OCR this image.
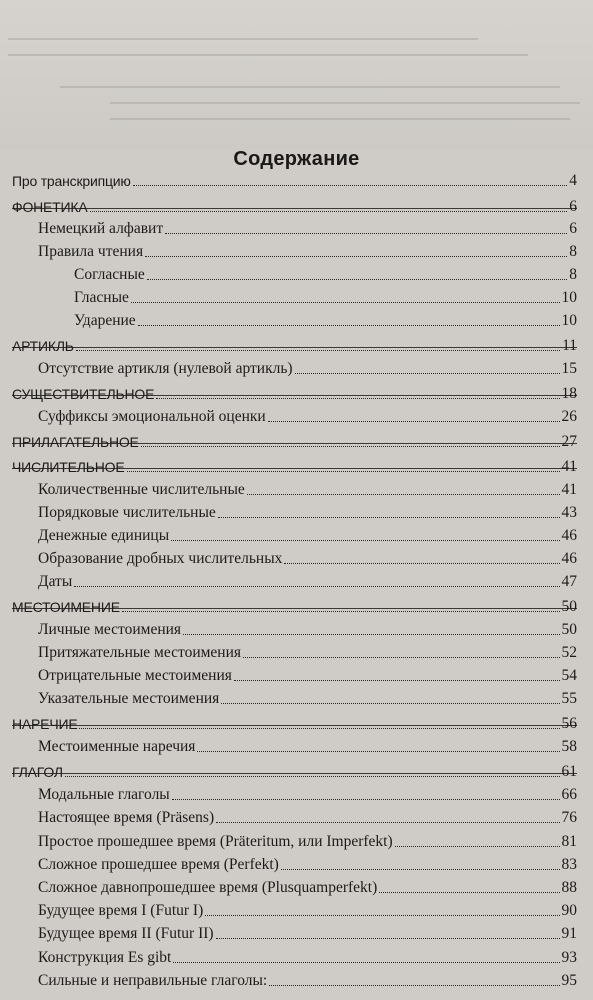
Содержание
Про транскрипцию	4
ФОНЕТИКА	6
Немецкий алфавит	6
Правила чтения	8
Согласные	8
Гласные	10
Ударение	10
АРТИКЛЬ	11
Отсутствие артикля (нулевой артикль)	15
СУЩЕСТВИТЕЛЬНОЕ	18
Суффиксы эмоциональной оценки	26
ПРИЛАГАТЕЛЬНОЕ	27
ЧИСЛИТЕЛЬНОЕ	41
Количественные числительные	41
Порядковые числительные	43
Денежные единицы	46
Образование дробных числительных	46
Даты	47
МЕСТОИМЕНИЕ	50
Личные местоимения	50
Притяжательные местоимения	52
Отрицательные местоимения	54
Указательные местоимения	55
НАРЕЧИЕ	56
Местоименные наречия	58
ГЛАГОЛ	61
Модальные глаголы	66
Настоящее время (Präsens)	76
Простое прошедшее время (Präteritum, или Imperfekt)	81
Сложное прошедшее время (Perfekt)	83
Сложное давнопрошедшее время (Plusquamperfekt)	88
Будущее время I (Futur I)	90
Будущее время II (Futur II)	91
Конструкция Es gibt	93
Сильные и неправильные глаголы:	95
